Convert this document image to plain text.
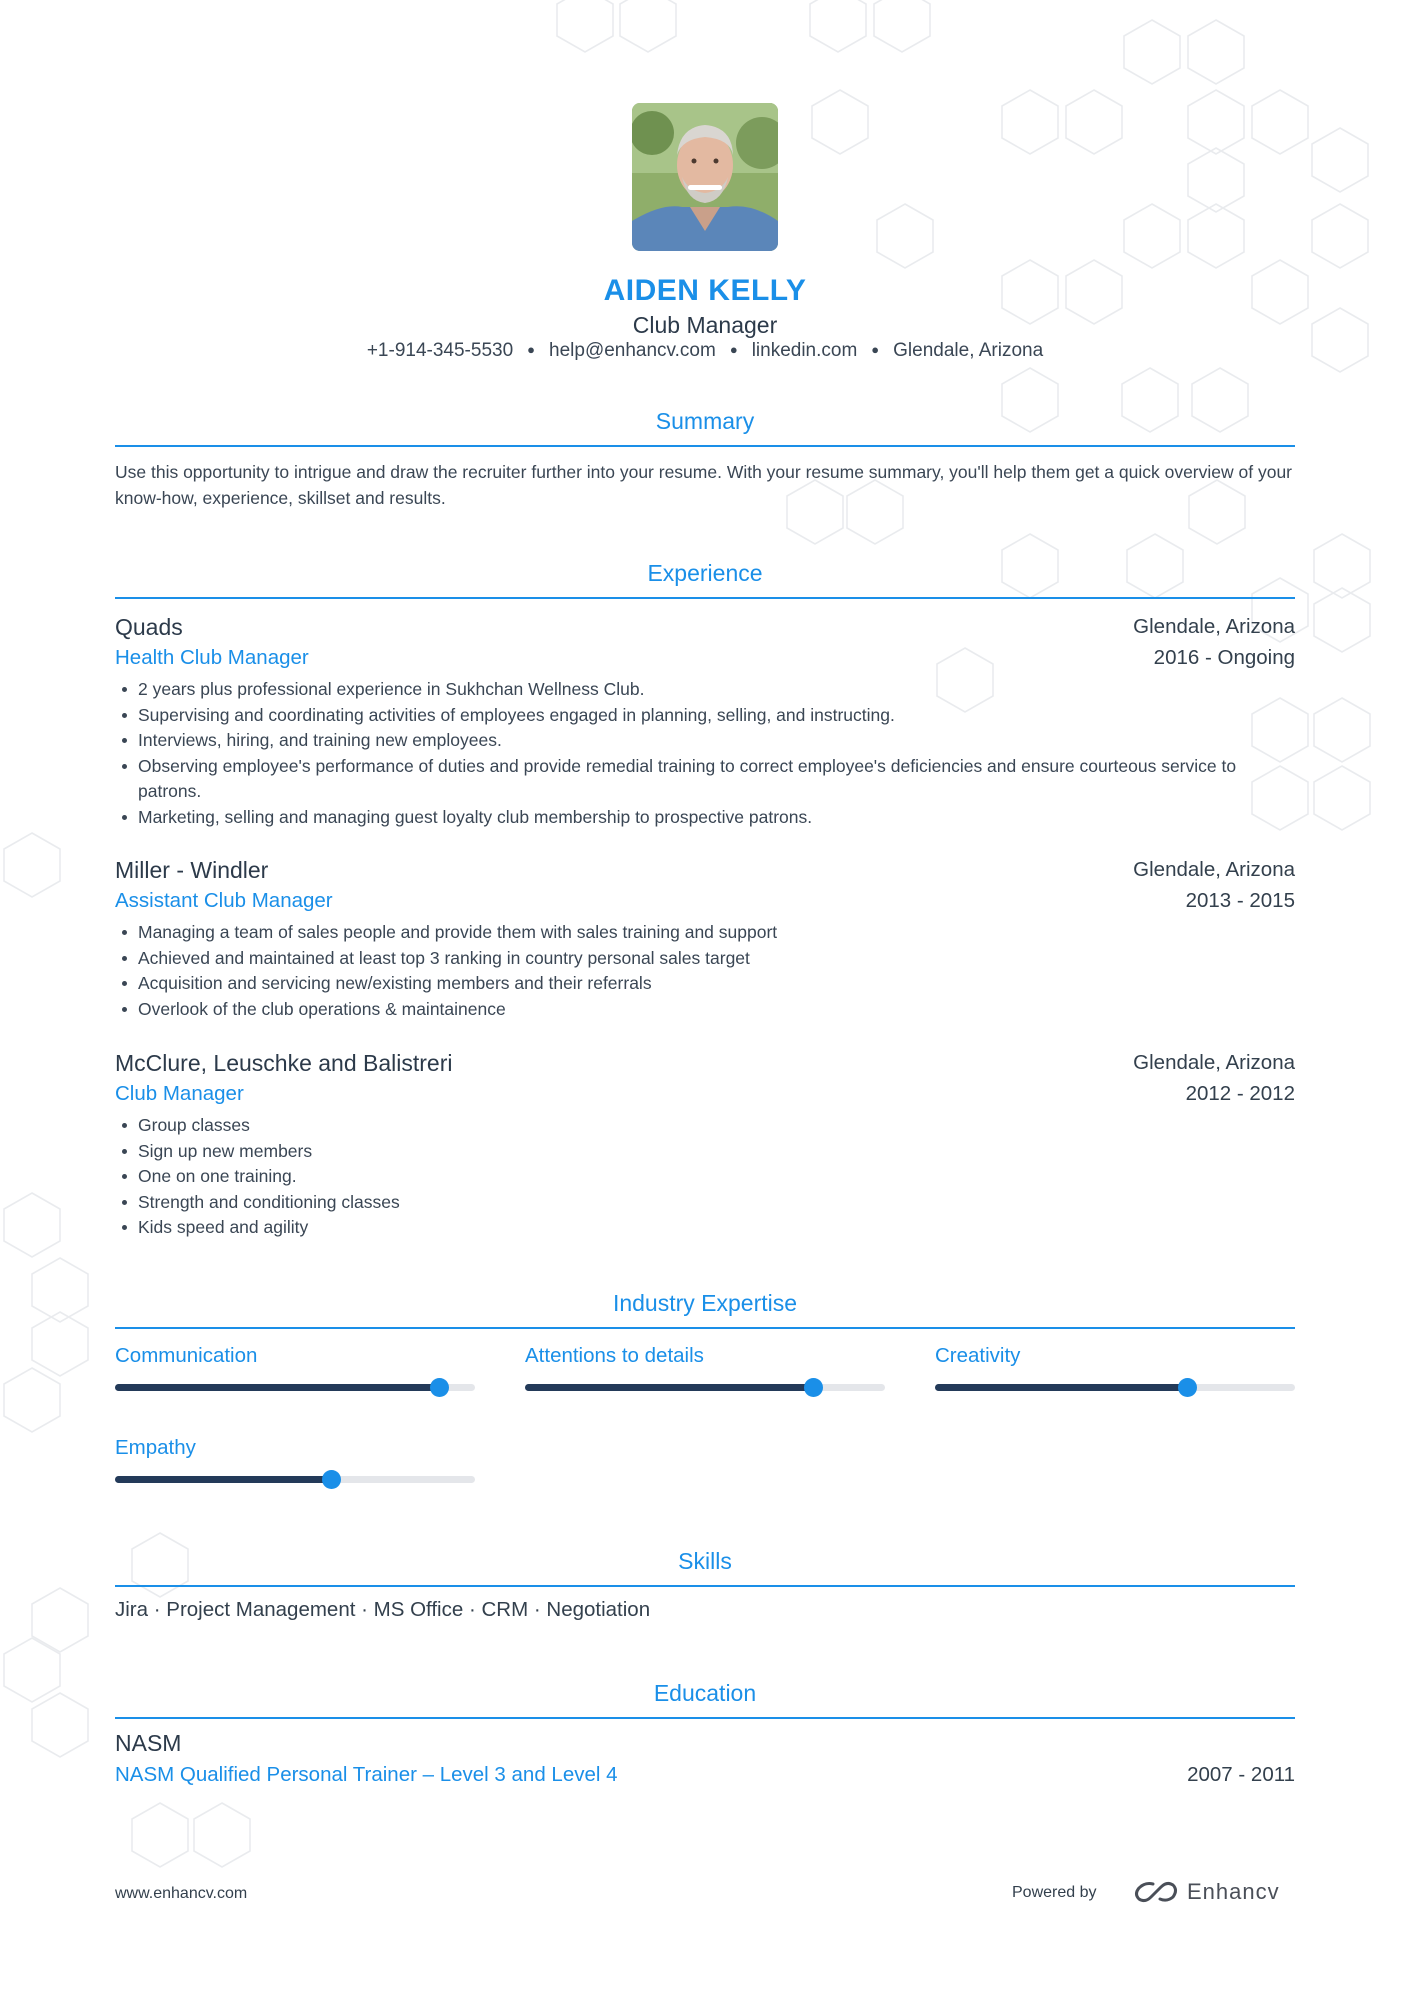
AIDEN KELLY
Club Manager
+1-914-345-5530 ● help@enhancv.com ● linkedin.com ● Glendale, Arizona
Summary
Use this opportunity to intrigue and draw the recruiter further into your resume. With your resume summary, you'll help them get a quick overview of your know-how, experience, skillset and results.
Experience
Quads
Health Club Manager
Glendale, Arizona
2016 - Ongoing
2 years plus professional experience in Sukhchan Wellness Club.
Supervising and coordinating activities of employees engaged in planning, selling, and instructing.
Interviews, hiring, and training new employees.
Observing employee's performance of duties and provide remedial training to correct employee's deficiencies and ensure courteous service to patrons.
Marketing, selling and managing guest loyalty club membership to prospective patrons.
Miller - Windler
Assistant Club Manager
Glendale, Arizona
2013 - 2015
Managing a team of sales people and provide them with sales training and support
Achieved and maintained at least top 3 ranking in country personal sales target
Acquisition and servicing new/existing members and their referrals
Overlook of the club operations & maintainence
McClure, Leuschke and Balistreri
Club Manager
Glendale, Arizona
2012 - 2012
Group classes
Sign up new members
One on one training.
Strength and conditioning classes
Kids speed and agility
Industry Expertise
Communication	Attentions to details	Creativity
Empathy
Skills
Jira · Project Management · MS Office · CRM · Negotiation
Education
NASM
NASM Qualified Personal Trainer – Level 3 and Level 4	2007 - 2011
www.enhancv.com	Powered by	Enhancv
